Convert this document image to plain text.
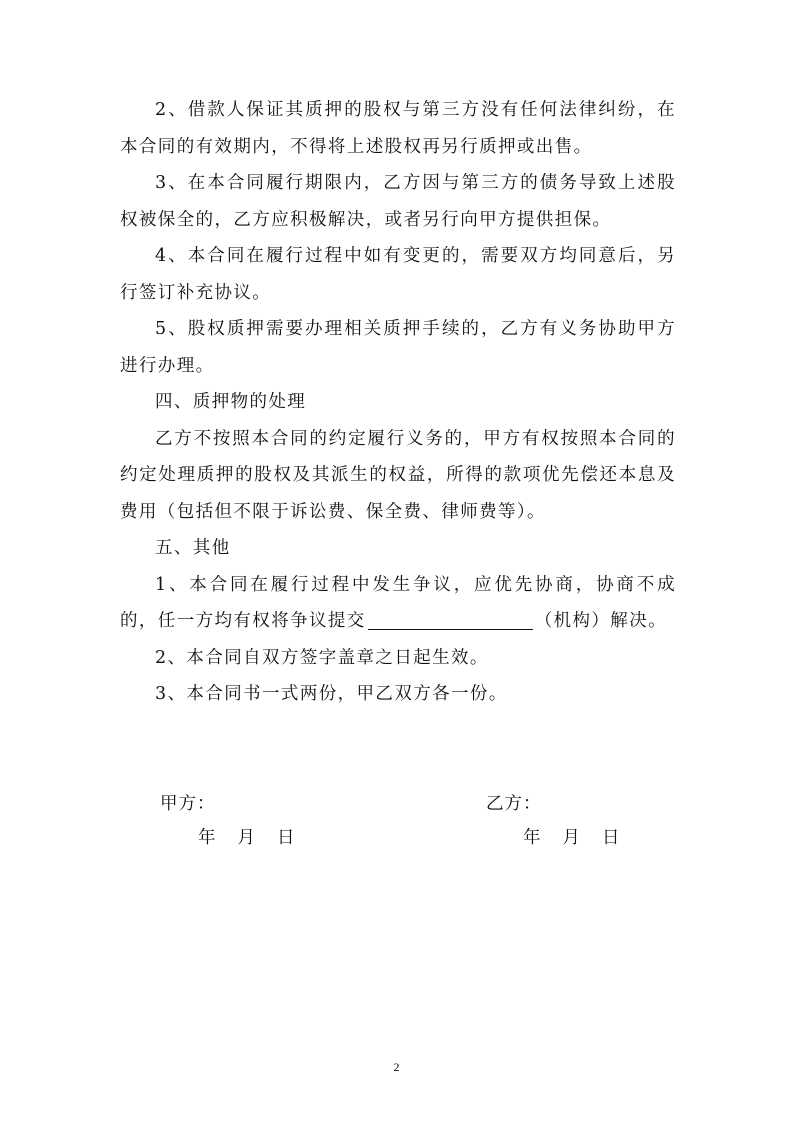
2、借款人保证其质押的股权与第三方没有任何法律纠纷，在本合同的有效期内，不得将上述股权再另行质押或出售。

3、在本合同履行期限内，乙方因与第三方的债务导致上述股权被保全的，乙方应积极解决，或者另行向甲方提供担保。

4、本合同在履行过程中如有变更的，需要双方均同意后，另行签订补充协议。

5、股权质押需要办理相关质押手续的，乙方有义务协助甲方进行办理。

四、质押物的处理

乙方不按照本合同的约定履行义务的，甲方有权按照本合同的约定处理质押的股权及其派生的权益，所得的款项优先偿还本息及费用（包括但不限于诉讼费、保全费、律师费等）。

五、其他

1、本合同在履行过程中发生争议，应优先协商，协商不成的，任一方均有权将争议提交	（机构）解决。

2、本合同自双方签字盖章之日起生效。

3、本合同书一式两份，甲乙双方各一份。

甲方：	乙方：
年 月 日	年 月 日
2
